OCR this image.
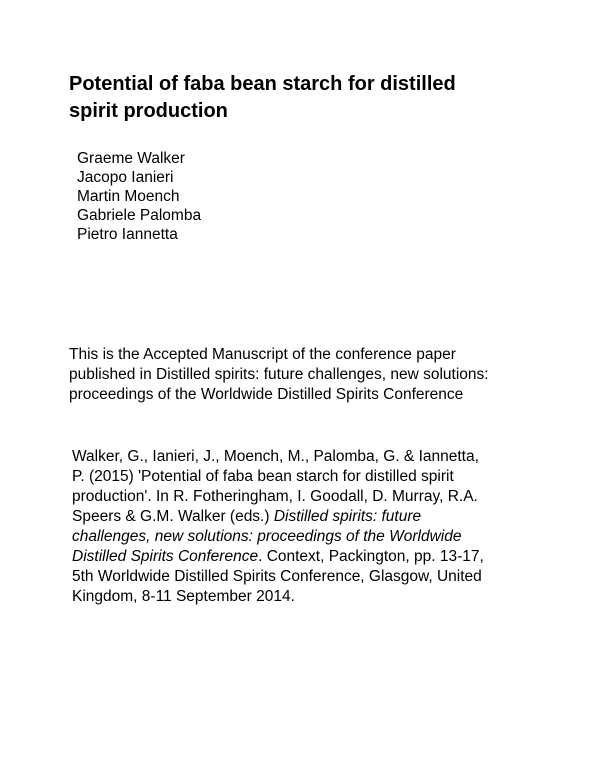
Potential of faba bean starch for distilled
spirit production
Graeme Walker
Jacopo Ianieri
Martin Moench
Gabriele Palomba
Pietro Iannetta

This is the Accepted Manuscript of the conference paper
published in Distilled spirits: future challenges, new solutions:
proceedings of the Worldwide Distilled Spirits Conference

Walker, G., Ianieri, J., Moench, M., Palomba, G. & Iannetta,
P. (2015) 'Potential of faba bean starch for distilled spirit
production'. In R. Fotheringham, I. Goodall, D. Murray, R.A.
Speers & G.M. Walker (eds.) Distilled spirits: future
challenges, new solutions: proceedings of the Worldwide
Distilled Spirits Conference. Context, Packington, pp. 13-17,
5th Worldwide Distilled Spirits Conference, Glasgow, United
Kingdom, 8-11 September 2014.
